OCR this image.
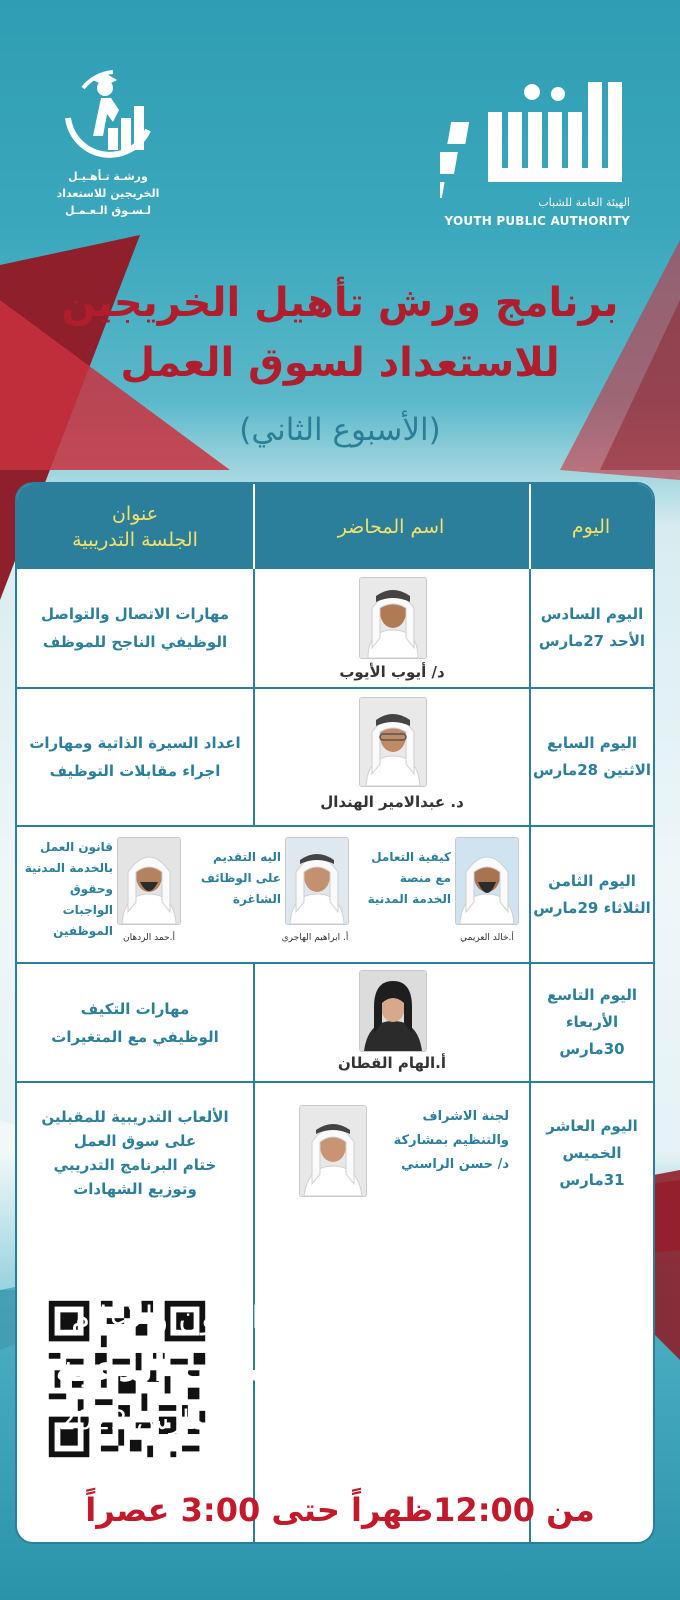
الهيئة العامة للشباب
YOUTH PUBLIC AUTHORITY
ورشـة تـأهـيـل
الخريجين للاستعداد
لـسـوق الـعـمـل
برنامج ورش تأهيل الخريجين
للاستعداد لسوق العمل
(الأسبوع الثاني)
اليوم
اسم المحاضر
عنوان
الجلسة التدريبية
اليوم السادس
الأحد 27مارس
د/ أيوب الأيوب
مهارات الاتصال والتواصل
الوظيفي الناجح للموظف
اليوم السابع
الاثنين 28مارس
د. عبدالامير الهندال
اعداد السيرة الذاتية ومهارات
اجراء مقابلات التوظيف
اليوم الثامن
الثلاثاء 29مارس
كيفية التعامل
مع منصة
الخدمة المدنية
أ.خالد العريمي
اليه التقديم
على الوظائف
الشاغرة
أ. ابراهيم الهاجري
قانون العمل
بالخدمة المدنية
وحقوق الواجبات
الموظفين	أ.حمد الردهان
اليوم التاسع
الأربعاء 30مارس
أ.الهام القطان
مهارات التكيف
الوظيفي مع المتغيرات
اليوم العاشر
الخميس 31مارس
لجنة الاشراف
والتنظيم بمشاركة
د/ حسن الراسني
الألعاب التدريبية للمقبلين
على سوق العمل
ختام البرنامج التدريبي
وتوزيع الشهادات
أكاديمية الفنون والإعلام
مركز شباب الدعية
من 20 إلى 31 مارس 2022
من 12:00ظهراً حتى 3:00 عصراً
